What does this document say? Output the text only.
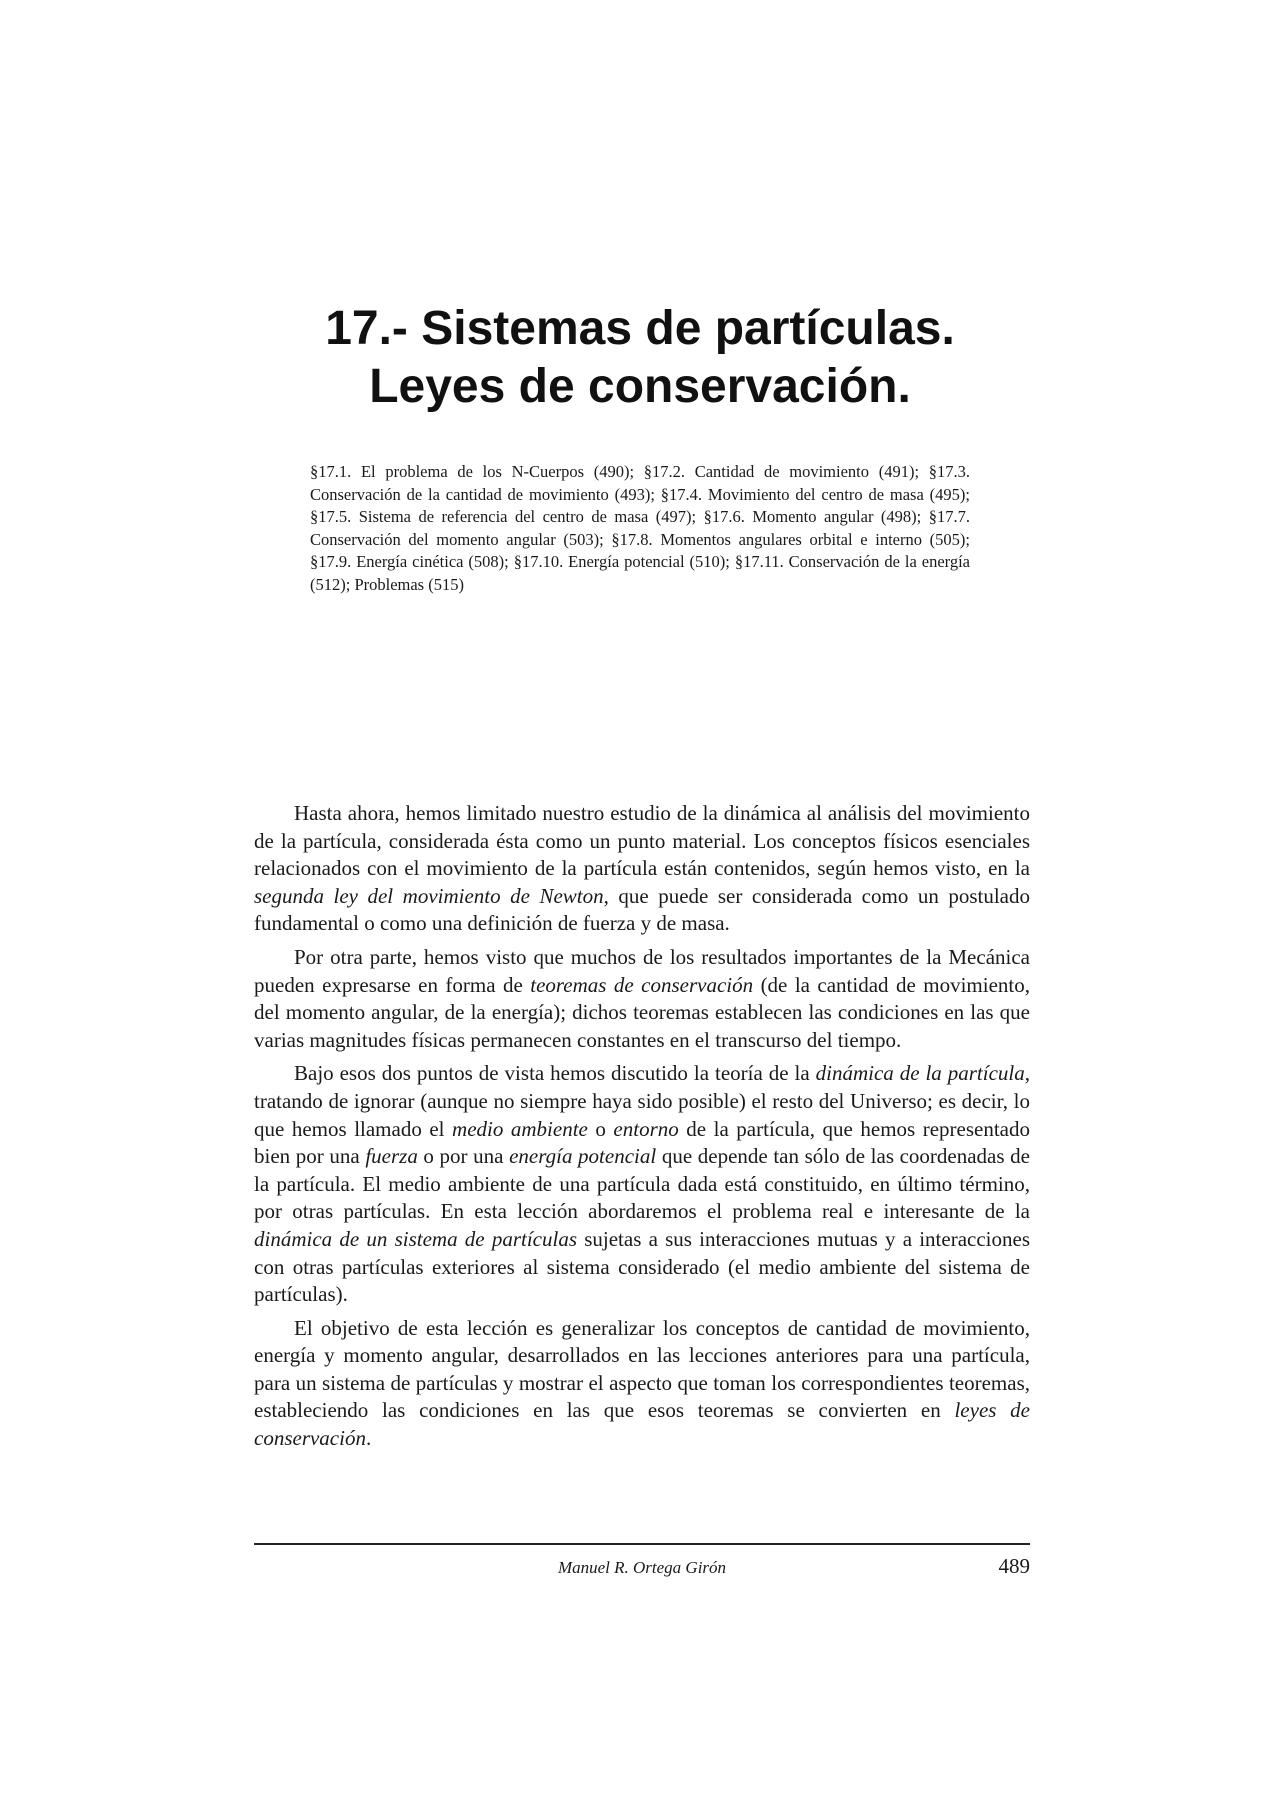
17.- Sistemas de partículas.
Leyes de conservación.

§17.1. El problema de los N-Cuerpos (490); §17.2. Cantidad de movimiento (491); §17.3. Conservación de la cantidad de movimiento (493); §17.4. Movimiento del centro de masa (495); §17.5. Sistema de referencia del centro de masa (497); §17.6. Momento angular (498); §17.7. Conservación del momento angular (503); §17.8. Momentos angulares orbital e interno (505); §17.9. Energía cinética (508); §17.10. Energía potencial (510); §17.11. Conservación de la energía (512); Problemas (515)

Hasta ahora, hemos limitado nuestro estudio de la dinámica al análisis del movimiento de la partícula, considerada ésta como un punto material. Los conceptos físicos esenciales relacionados con el movimiento de la partícula están contenidos, según hemos visto, en la segunda ley del movimiento de Newton, que puede ser considerada como un postulado fundamental o como una definición de fuerza y de masa.

Por otra parte, hemos visto que muchos de los resultados importantes de la Mecánica pueden expresarse en forma de teoremas de conservación (de la cantidad de movimiento, del momento angular, de la energía); dichos teoremas establecen las condiciones en las que varias magnitudes físicas permanecen constantes en el transcurso del tiempo.

Bajo esos dos puntos de vista hemos discutido la teoría de la dinámica de la partícula, tratando de ignorar (aunque no siempre haya sido posible) el resto del Universo; es decir, lo que hemos llamado el medio ambiente o entorno de la partícula, que hemos representado bien por una fuerza o por una energía potencial que depende tan sólo de las coordenadas de la partícula. El medio ambiente de una partícula dada está constituido, en último término, por otras partículas. En esta lección abordaremos el problema real e interesante de la dinámica de un sistema de partículas sujetas a sus interacciones mutuas y a interacciones con otras partículas exteriores al sistema considerado (el medio ambiente del sistema de partículas).

El objetivo de esta lección es generalizar los conceptos de cantidad de movimiento, energía y momento angular, desarrollados en las lecciones anteriores para una partícula, para un sistema de partículas y mostrar el aspecto que toman los correspondientes teoremas, estableciendo las condiciones en las que esos teoremas se convierten en leyes de conservación.

Manuel R. Ortega Girón	489
